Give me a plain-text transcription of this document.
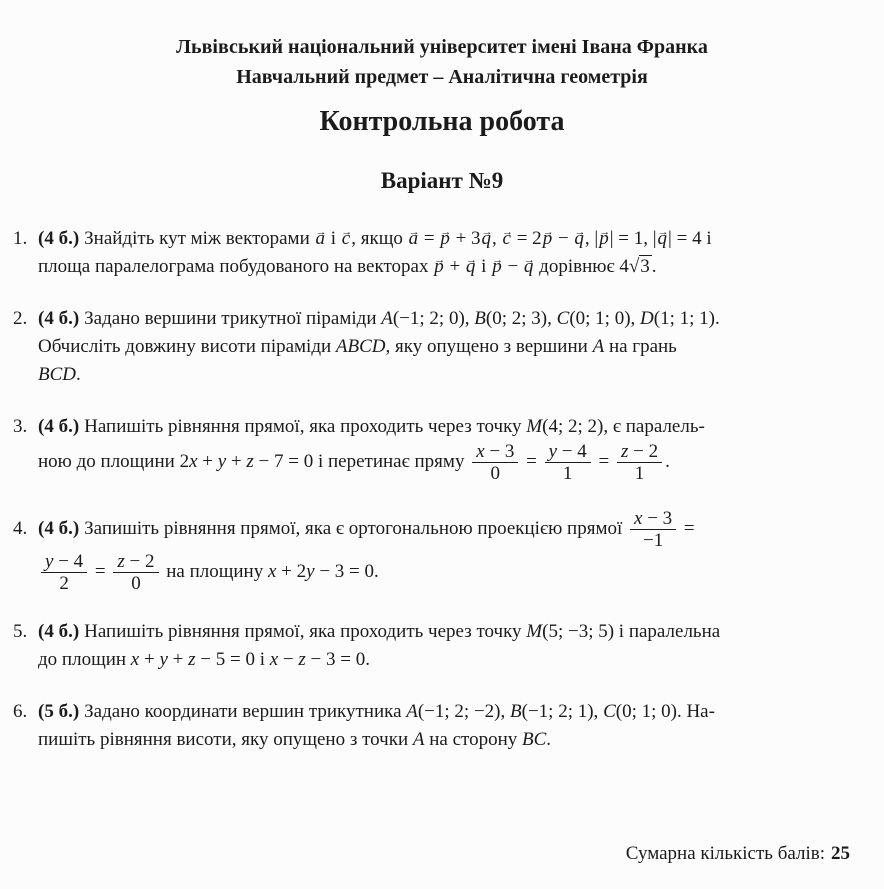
Львівський національний університет імені Івана Франка
Навчальний предмет – Аналітична геометрія
Контрольна робота
Варіант №9
1. (4 б.) Знайдіть кут між векторами a → і c →, якщо a → = p → + 3q →, c → = 2p → − q →, |p →| = 1, |q →| = 4 і
площа паралелограма побудованого на векторах p → + q → і p → − q → дорівнює 4√3 .
2. (4 б.) Задано вершини трикутної піраміди A(−1; 2; 0), B(0; 2; 3), C(0; 1; 0), D(1; 1; 1).
Обчисліть довжину висоти піраміди ABCD, яку опущено з вершини A на грань
BCD.
3. (4 б.) Напишіть рівняння прямої, яка проходить через точку M(4; 2; 2), є паралель-
ною до площини 2x + y + z − 7 = 0 і перетинає пряму $\frac{x - 3}{0} = \frac{y - 4}{1} = \frac{z - 2}{1}$ .
4. (4 б.) Запишіть рівняння прямої, яка є ортогональною проекцією прямої $\frac{x - 3}{-1}$ =
$\frac{y - 4}{2} = \frac{z - 2}{0}$ на площину x + 2y − 3 = 0.
5. (4 б.) Напишіть рівняння прямої, яка проходить через точку M(5; −3; 5) і паралельна
до площин x + y + z − 5 = 0 і x − z − 3 = 0.
6. (5 б.) Задано координати вершин трикутника A(−1; 2; −2), B(−1; 2; 1), C(0; 1; 0). На-
пишіть рівняння висоти, яку опущено з точки A на сторону BC.
Сумарна кількість балів: 25
